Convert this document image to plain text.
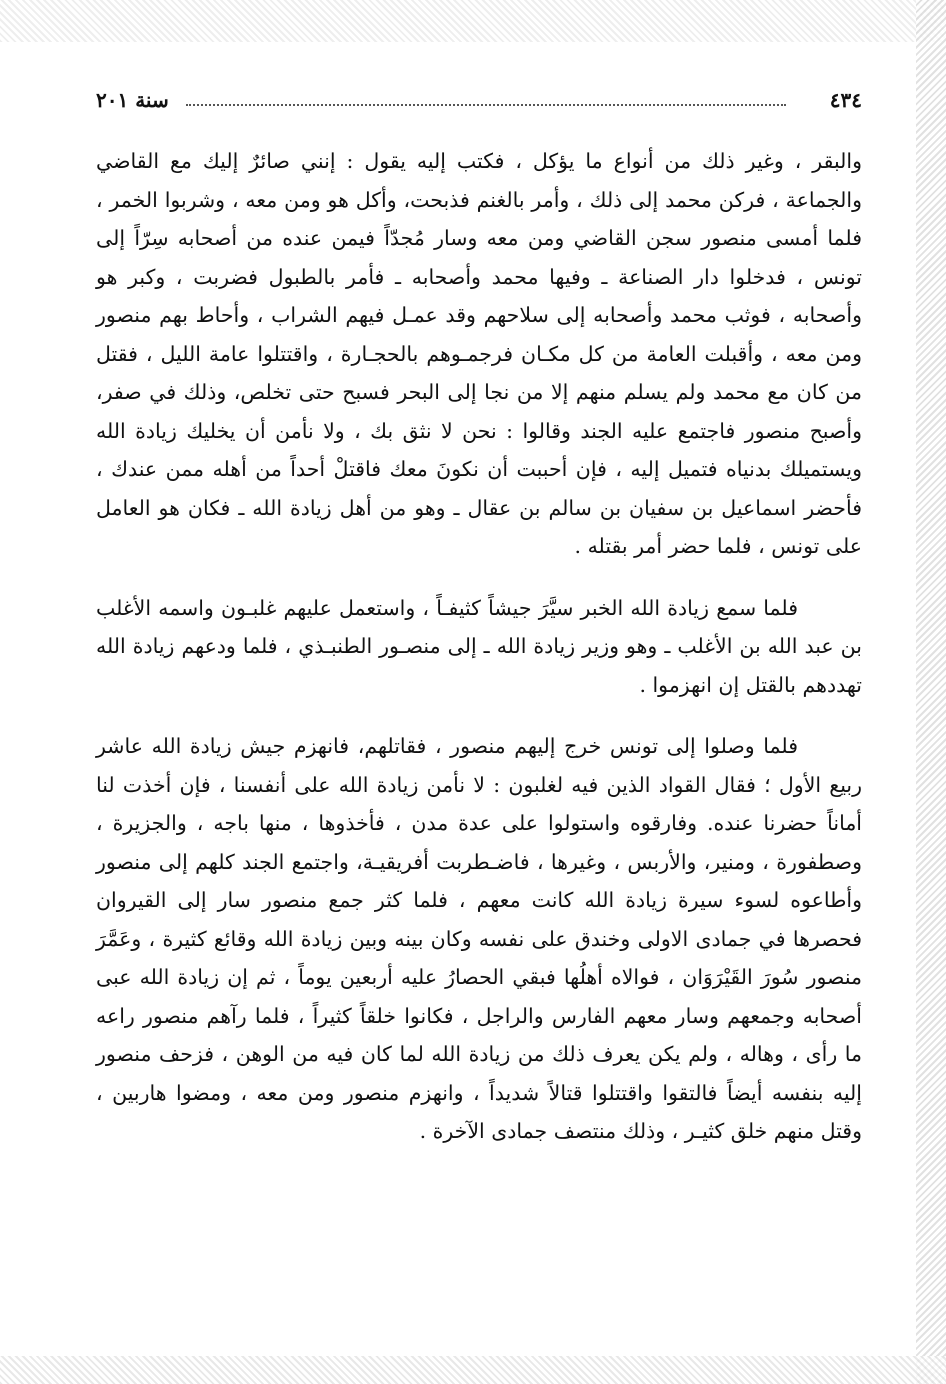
٤٣٤
سنة ٢٠١

والبقر ، وغير ذلك من أنواع ما يؤكل ، فكتب إليه يقول : إنني صائرٌ إليك مع القاضي والجماعة ، فركن محمد إلى ذلك ، وأمر بالغنم فذبحت، وأكل هو ومن معه ، وشربوا الخمر ، فلما أمسى منصور سجن القاضي ومن معه وسار مُجدّاً فيمن عنده من أصحابه سِرّاً إلى تونس ، فدخلوا دار الصناعة ـ وفيها محمد وأصحابه ـ فأمر بالطبول فضربت ، وكبر هو وأصحابه ، فوثب محمد وأصحابه إلى سلاحهم وقد عمـل فيهم الشراب ، وأحاط بهم منصور ومن معه ، وأقبلت العامة من كل مكـان فرجمـوهم بالحجـارة ، واقتتلوا عامة الليل ، فقتل من كان مع محمد ولم يسلم منهم إلا من نجا إلى البحر فسبح حتى تخلص، وذلك في صفر، وأصبح منصور فاجتمع عليه الجند وقالوا : نحن لا نثق بك ، ولا نأمن أن يخليك زيادة الله ويستميلك بدنياه فتميل إليه ، فإن أحببت أن نكونَ معك فاقتلْ أحداً من أهله ممن عندك ، فأحضر اسماعيل بن سفيان بن سالم بن عقال ـ وهو من أهل زيادة الله ـ فكان هو العامل على تونس ، فلما حضر أمر بقتله .

فلما سمع زيادة الله الخبر سيَّرَ جيشاً كثيفـاً ، واستعمل عليهم غلبـون واسمه الأغلب بن عبد الله بن الأغلب ـ وهو وزير زيادة الله ـ إلى منصـور الطنبـذي ، فلما ودعهم زيادة الله تهددهم بالقتل إن انهزموا .

فلما وصلوا إلى تونس خرج إليهم منصور ، فقاتلهم، فانهزم جيش زيادة الله عاشر ربيع الأول ؛ فقال القواد الذين فيه لغلبون : لا نأمن زيادة الله على أنفسنا ، فإن أخذت لنا أماناً حضرنا عنده. وفارقوه واستولوا على عدة مدن ، فأخذوها ، منها باجه ، والجزيرة ، وصطفورة ، ومنير، والأربس ، وغيرها ، فاضـطربت أفريقيـة، واجتمع الجند كلهم إلى منصور وأطاعوه لسوء سيرة زيادة الله كانت معهم ، فلما كثر جمع منصور سار إلى القيروان فحصرها في جمادى الاولى وخندق على نفسه وكان بينه وبين زيادة الله وقائع كثيرة ، وعَمَّرَ منصور سُورَ القَيْرَوَان ، فوالاه أهلُها فبقي الحصارُ عليه أربعين يوماً ، ثم إن زيادة الله عبى أصحابه وجمعهم وسار معهم الفارس والراجل ، فكانوا خلقاً كثيراً ، فلما رآهم منصور راعه ما رأى ، وهاله ، ولم يكن يعرف ذلك من زيادة الله لما كان فيه من الوهن ، فزحف منصور إليه بنفسه أيضاً فالتقوا واقتتلوا قتالاً شديداً ، وانهزم منصور ومن معه ، ومضوا هاربين ، وقتل منهم خلق كثيـر ، وذلك منتصف جمادى الآخرة .
